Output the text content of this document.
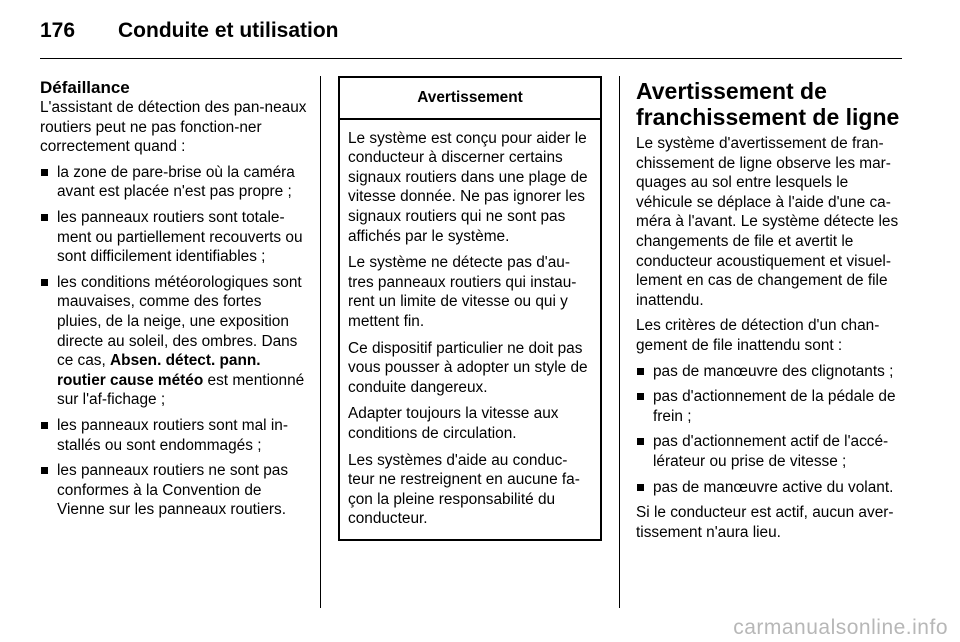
176	Conduite et utilisation
Défaillance

L'assistant de détection des pan-neaux routiers peut ne pas fonction-ner correctement quand :

la zone de pare-brise où la caméra avant est placée n'est pas propre ;
les panneaux routiers sont totale-ment ou partiellement recouverts ou sont difficilement identifiables ;
les conditions météorologiques sont mauvaises, comme des fortes pluies, de la neige, une exposition directe au soleil, des ombres. Dans ce cas, Absen. détect. pann. routier cause météo est mentionné sur l'af-fichage ;
les panneaux routiers sont mal in-stallés ou sont endommagés ;
les panneaux routiers ne sont pas conformes à la Convention de Vienne sur les panneaux routiers.
Avertissement

Le système est conçu pour aider le conducteur à discerner certains signaux routiers dans une plage de vitesse donnée. Ne pas ignorer les signaux routiers qui ne sont pas affichés par le système.

Le système ne détecte pas d'au-tres panneaux routiers qui instau-rent un limite de vitesse ou qui y mettent fin.

Ce dispositif particulier ne doit pas vous pousser à adopter un style de conduite dangereux.

Adapter toujours la vitesse aux conditions de circulation.

Les systèmes d'aide au conduc-teur ne restreignent en aucune fa-çon la pleine responsabilité du conducteur.

Avertissement de franchissement de ligne

Le système d'avertissement de fran-chissement de ligne observe les mar-quages au sol entre lesquels le véhicule se déplace à l'aide d'une ca-méra à l'avant. Le système détecte les changements de file et avertit le conducteur acoustiquement et visuel-lement en cas de changement de file inattendu.

Les critères de détection d'un chan-gement de file inattendu sont :

pas de manœuvre des clignotants ;
pas d'actionnement de la pédale de frein ;
pas d'actionnement actif de l'accé-lérateur ou prise de vitesse ;
pas de manœuvre active du volant.

Si le conducteur est actif, aucun aver-tissement n'aura lieu.

carmanualsonline.info
